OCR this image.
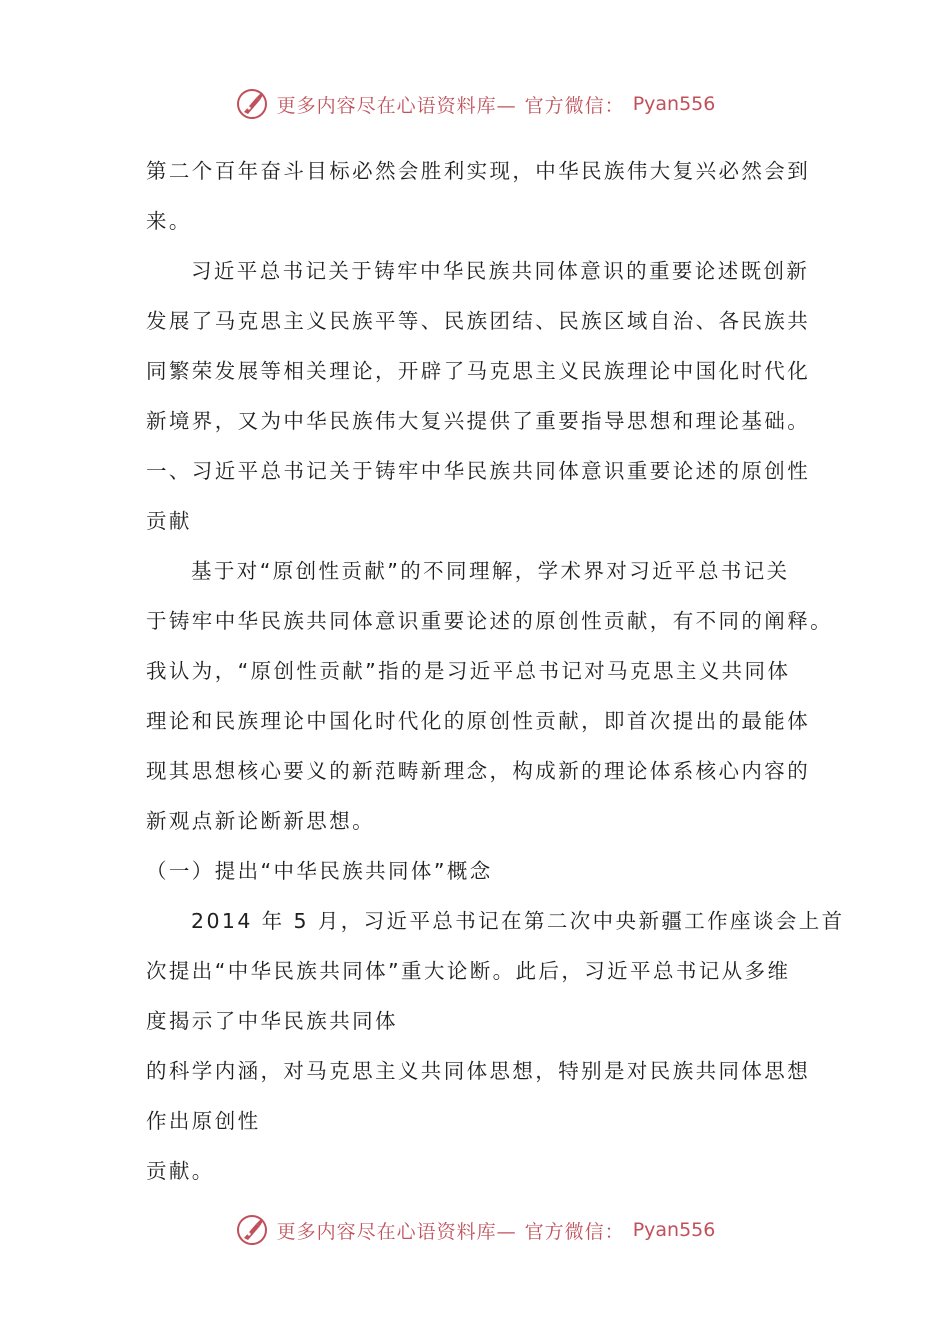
更多内容尽在心语资料库— 官方微信： Pyan556
第二个百年奋斗目标必然会胜利实现，中华民族伟大复兴必然会到
来。
习近平总书记关于铸牢中华民族共同体意识的重要论述既创新
发展了马克思主义民族平等、民族团结、民族区域自治、各民族共
同繁荣发展等相关理论，开辟了马克思主义民族理论中国化时代化
新境界，又为中华民族伟大复兴提供了重要指导思想和理论基础。
一、习近平总书记关于铸牢中华民族共同体意识重要论述的原创性
贡献
基于对“原创性贡献”的不同理解，学术界对习近平总书记关
于铸牢中华民族共同体意识重要论述的原创性贡献，有不同的阐释。
我认为，“原创性贡献”指的是习近平总书记对马克思主义共同体
理论和民族理论中国化时代化的原创性贡献，即首次提出的最能体
现其思想核心要义的新范畴新理念，构成新的理论体系核心内容的
新观点新论断新思想。
（一）提出“中华民族共同体”概念
2014 年 5 月，习近平总书记在第二次中央新疆工作座谈会上首
次提出“中华民族共同体”重大论断。此后，习近平总书记从多维
度揭示了中华民族共同体
的科学内涵，对马克思主义共同体思想，特别是对民族共同体思想
作出原创性
贡献。
更多内容尽在心语资料库— 官方微信： Pyan556
